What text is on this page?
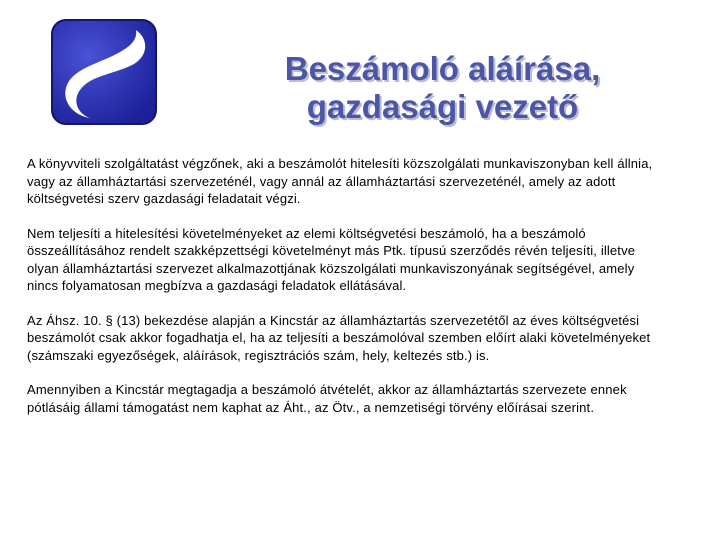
Beszámoló aláírása,
gazdasági vezető

A könyvviteli szolgáltatást végzőnek, aki a beszámolót hitelesíti közszolgálati munkaviszonyban kell állnia, vagy az államháztartási szervezeténél, vagy annál az államháztartási szervezeténél, amely az adott költségvetési szerv gazdasági feladatait végzi.

Nem teljesíti a hitelesítési követelményeket az elemi költségvetési beszámoló, ha a beszámoló összeállításához rendelt szakképzettségi követelményt más Ptk. típusú szerződés révén teljesíti, illetve olyan államháztartási szervezet alkalmazottjának közszolgálati munkaviszonyának segítségével, amely nincs folyamatosan megbízva a gazdasági feladatok ellátásával.

Az Áhsz. 10. § (13) bekezdése alapján a Kincstár az államháztartás szervezetétől az éves költségvetési beszámolót csak akkor fogadhatja el, ha az teljesíti a beszámolóval szemben előírt alaki követelményeket (számszaki egyezőségek, aláírások, regisztrációs szám, hely, keltezés stb.) is.

Amennyiben a Kincstár megtagadja a beszámoló átvételét, akkor az államháztartás szervezete ennek pótlásáig állami támogatást nem kaphat az Áht., az Ötv., a nemzetiségi törvény előírásai szerint.
